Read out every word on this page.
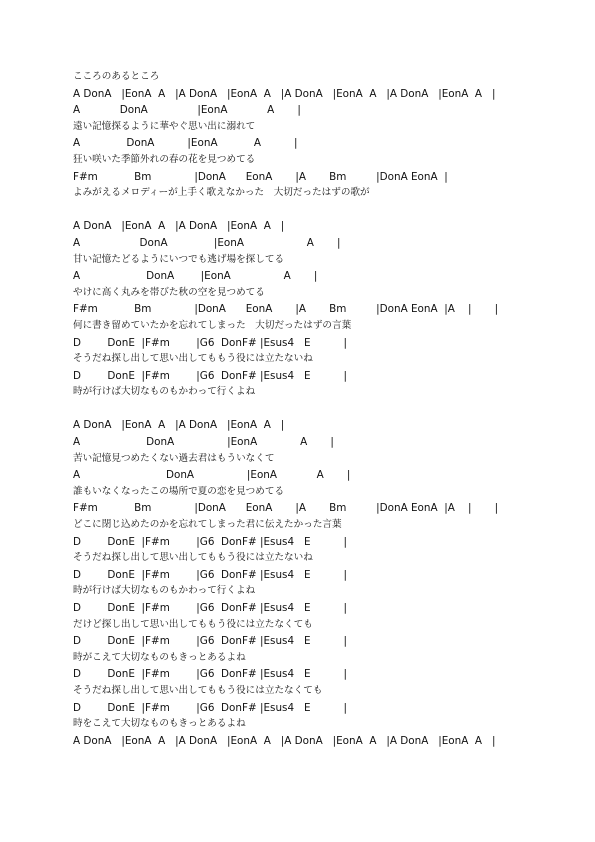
こころのあるところ
A DonA   |EonA  A   |A DonA   |EonA  A   |A DonA   |EonA  A   |A DonA   |EonA  A   |
A            DonA               |EonA            A       |
遠い記憶探るように華やぐ思い出に溺れて
A              DonA          |EonA           A          |
狂い咲いた季節外れの春の花を見つめてる
F#m           Bm             |DonA      EonA       |A       Bm         |DonA EonA  |
よみがえるメロディーが上手く歌えなかった　大切だったはずの歌が
A DonA   |EonA  A   |A DonA   |EonA  A   |
A                  DonA              |EonA                   A       |
甘い記憶たどるようにいつでも逃げ場を探してる
A                    DonA        |EonA                A       |
やけに高く丸みを帯びた秋の空を見つめてる
F#m           Bm             |DonA      EonA       |A       Bm         |DonA EonA  |A    |       |
何に書き留めていたかを忘れてしまった　大切だったはずの言葉
D        DonE  |F#m        |G6  DonF# |Esus4   E          |
そうだね探し出して思い出してももう役には立たないね
D        DonE  |F#m        |G6  DonF# |Esus4   E          |
時が行けば大切なものもかわって行くよね
A DonA   |EonA  A   |A DonA   |EonA  A   |
A                    DonA                |EonA             A       |
苦い記憶見つめたくない過去君はもういなくて
A                          DonA                |EonA            A       |
誰もいなくなったこの場所で夏の恋を見つめてる
F#m           Bm             |DonA      EonA       |A       Bm         |DonA EonA  |A    |       |
どこに閉じ込めたのかを忘れてしまった君に伝えたかった言葉
D        DonE  |F#m        |G6  DonF# |Esus4   E          |
そうだね探し出して思い出してももう役には立たないね
D        DonE  |F#m        |G6  DonF# |Esus4   E          |
時が行けば大切なものもかわって行くよね
D        DonE  |F#m        |G6  DonF# |Esus4   E          |
だけど探し出して思い出してももう役には立たなくても
D        DonE  |F#m        |G6  DonF# |Esus4   E          |
時がこえて大切なものもきっとあるよね
D        DonE  |F#m        |G6  DonF# |Esus4   E          |
そうだね探し出して思い出してももう役には立たなくても
D        DonE  |F#m        |G6  DonF# |Esus4   E          |
時をこえて大切なものもきっとあるよね
A DonA   |EonA  A   |A DonA   |EonA  A   |A DonA   |EonA  A   |A DonA   |EonA  A   |
